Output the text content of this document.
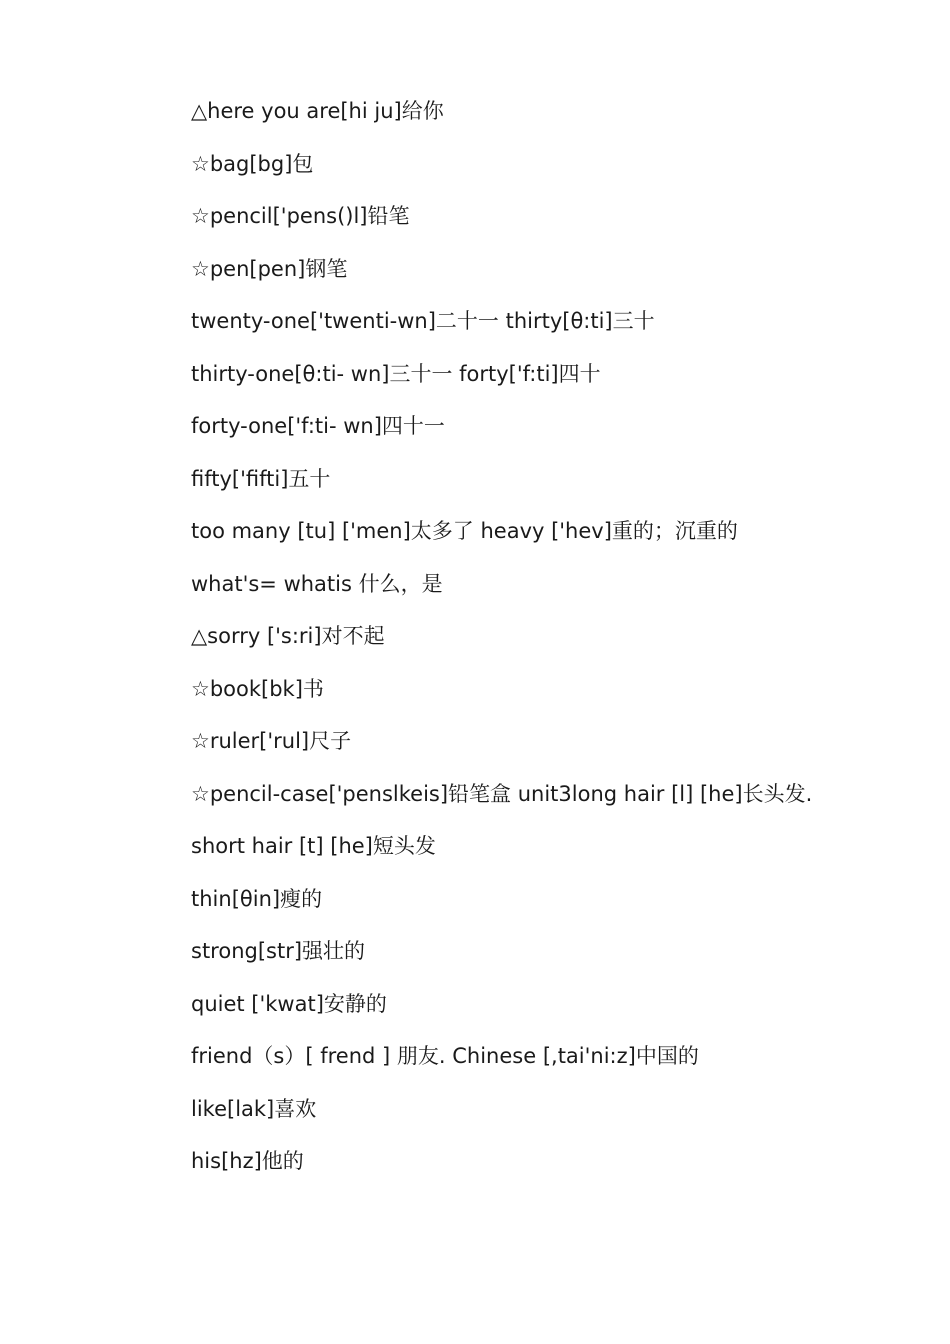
△here you are[hi ju]给你
☆bag[bg]包
☆pencil['pens()l]铅笔
☆pen[pen]钢笔
twenty-one['twenti-wn]二十一 thirty[θ:ti]三十
thirty-one[θ:ti- wn]三十一 forty['f:ti]四十
forty-one['f:ti- wn]四十一
fifty['fifti]五十
too many [tu] ['men]太多了 heavy ['hev]重的；沉重的
what's= whatis 什么，是
△sorry ['s:ri]对不起
☆book[bk]书
☆ruler['rul]尺子
☆pencil-case['penslkeis]铅笔盒 unit3long hair [l] [he]长头发.
short hair [t] [he]短头发
thin[θin]瘦的
strong[str]强壮的
quiet ['kwat]安静的
friend（s）[ frend ] 朋友. Chinese [,tai'ni:z]中国的
like[lak]喜欢
his[hz]他的
